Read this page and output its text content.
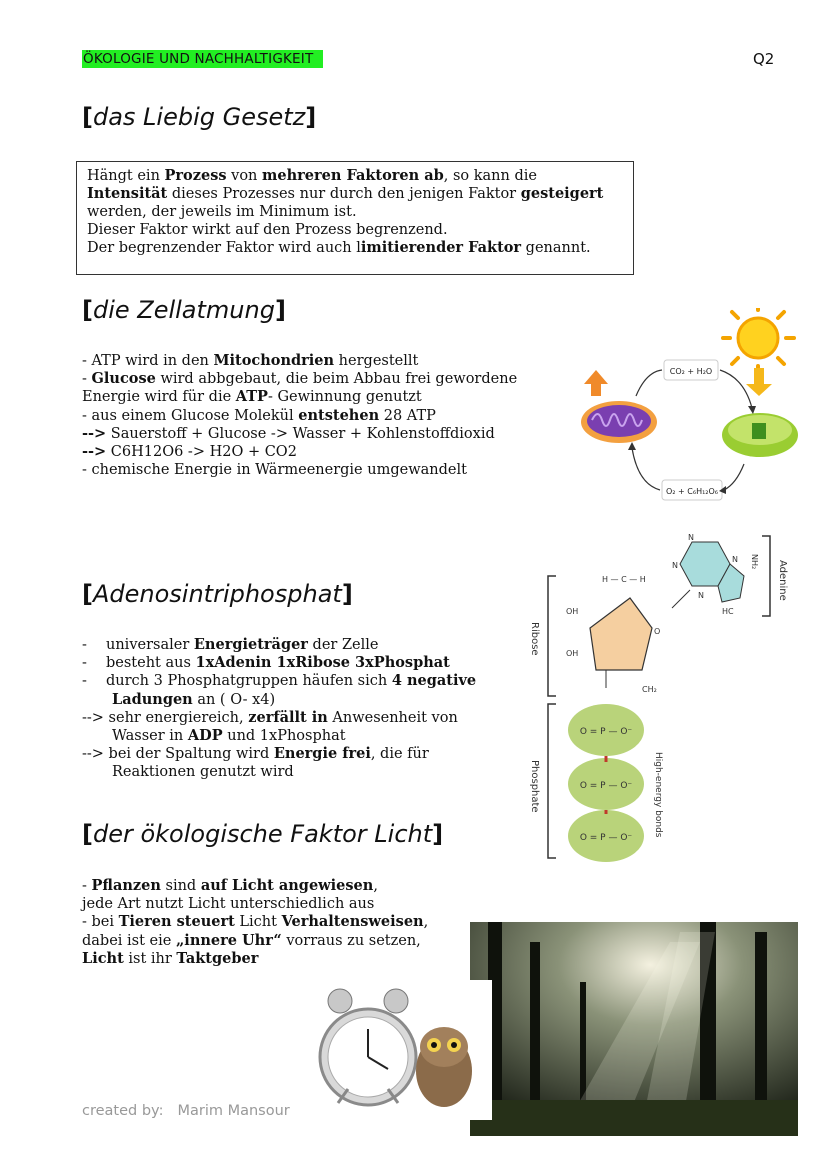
ÖKOLOGIE UND NACHHALTIGKEIT	Q2
[das Liebig Gesetz]

Hängt ein Prozess von mehreren Faktoren ab, so kann die

Intensität dieses Prozesses nur durch den jenigen Faktor gesteigert

werden, der jeweils im Minimum ist.

Dieser Faktor wirkt auf den Prozess begrenzend.

Der begrenzender Faktor wird auch limitierender Faktor genannt.

[die Zellatmung]

- ATP wird in den Mitochondrien hergestellt

- Glucose wird abbgebaut, die beim Abbau frei gewordene

Energie wird für die ATP- Gewinnung genutzt

- aus einem Glucose Molekül entstehen 28 ATP

--> Sauerstoff + Glucose -> Wasser + Kohlenstoffdioxid

--> C6H12O6 -> H2O + CO2

- chemische Energie in Wärmeenergie umgewandelt

CO₂ + H₂O
O₂ + C₆H₁₂O₆
[Adenosintriphosphat]

- universaler Energieträger der Zelle

- besteht aus 1xAdenin 1xRibose 3xPhosphat

- durch 3 Phosphatgruppen häufen sich 4 negative

Ladungen an ( O- x4)

--> sehr energiereich, zerfällt in Anwesenheit von

Wasser in ADP und 1xPhosphat

--> bei der Spaltung wird Energie frei, die für

Reaktionen genutzt wird

Adenine
N
N
N
N
HC
NH₂
Ribose
H — C — H
OH
OH
O
CH₂
Phosphate
O = P — O⁻
O = P — O⁻
O = P — O⁻
High-energy bonds
[der ökologische Faktor Licht]

- Pflanzen sind auf Licht angewiesen,

jede Art nutzt Licht unterschiedlich aus

- bei Tieren steuert Licht Verhaltensweisen,

dabei ist eie „innere Uhr“ vorraus zu setzen,

Licht ist ihr Taktgeber

created by: Marim Mansour
